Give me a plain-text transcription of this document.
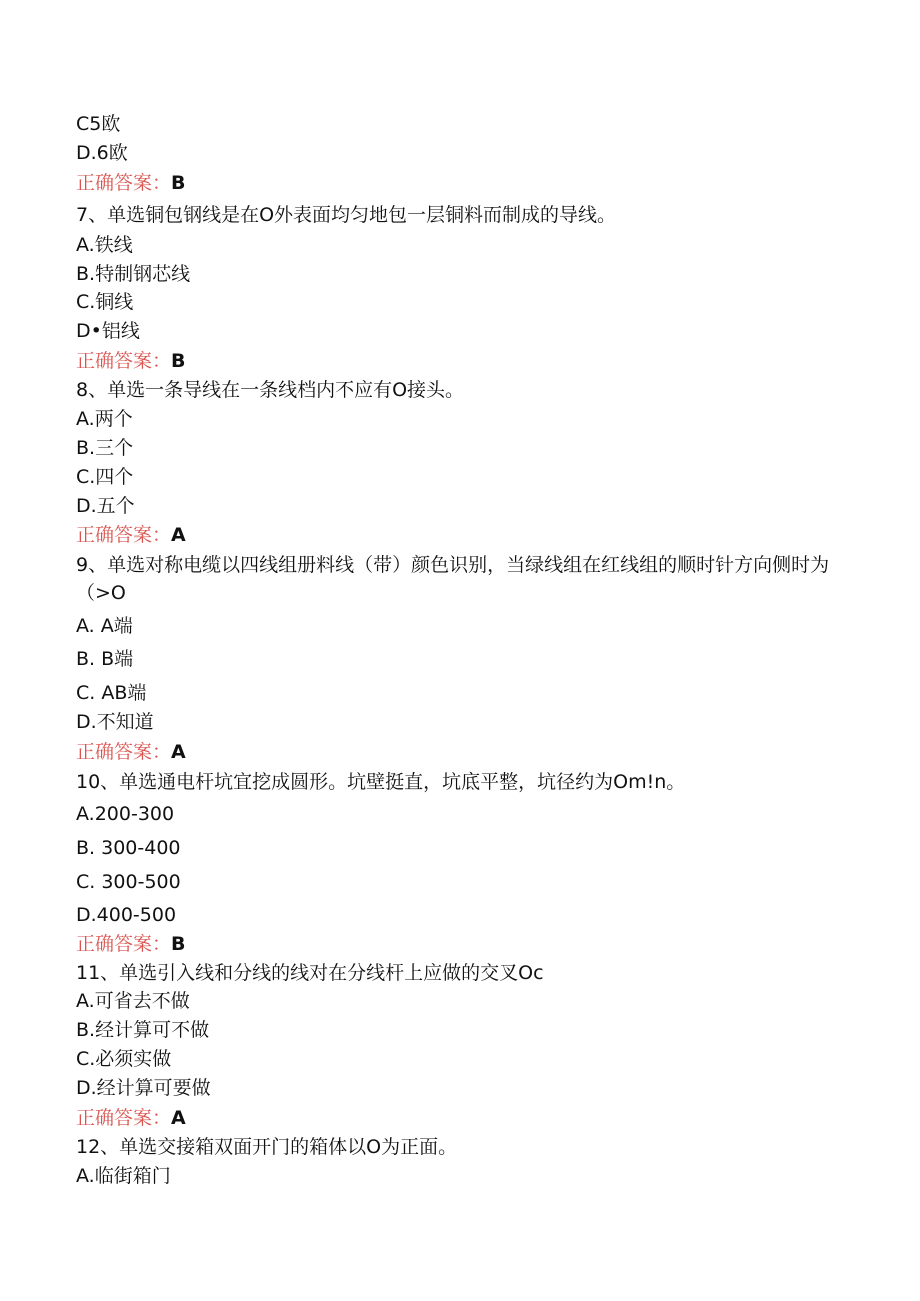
C5欧
D.6欧
正确答案：B
7、单选铜包钢线是在O外表面均匀地包一层铜料而制成的导线。
A.铁线
B.特制钢芯线
C.铜线
D•铝线
正确答案：B
8、单选一条导线在一条线档内不应有O接头。
A.两个
B.三个
C.四个
D.五个
正确答案：A
9、单选对称电缆以四线组册料线（带）颜色识别，当绿线组在红线组的顺时针方向侧时为（>O
A. A端
B. B端
C. AB端
D.不知道
正确答案：A
10、单选通电杆坑宜挖成圆形。坑壁挺直，坑底平整，坑径约为Om!n。
A.200-300
B. 300-400
C. 300-500
D.400-500
正确答案：B
11、单选引入线和分线的线对在分线杆上应做的交叉Oc
A.可省去不做
B.经计算可不做
C.必须实做
D.经计算可要做
正确答案：A
12、单选交接箱双面开门的箱体以O为正面。
A.临街箱门
